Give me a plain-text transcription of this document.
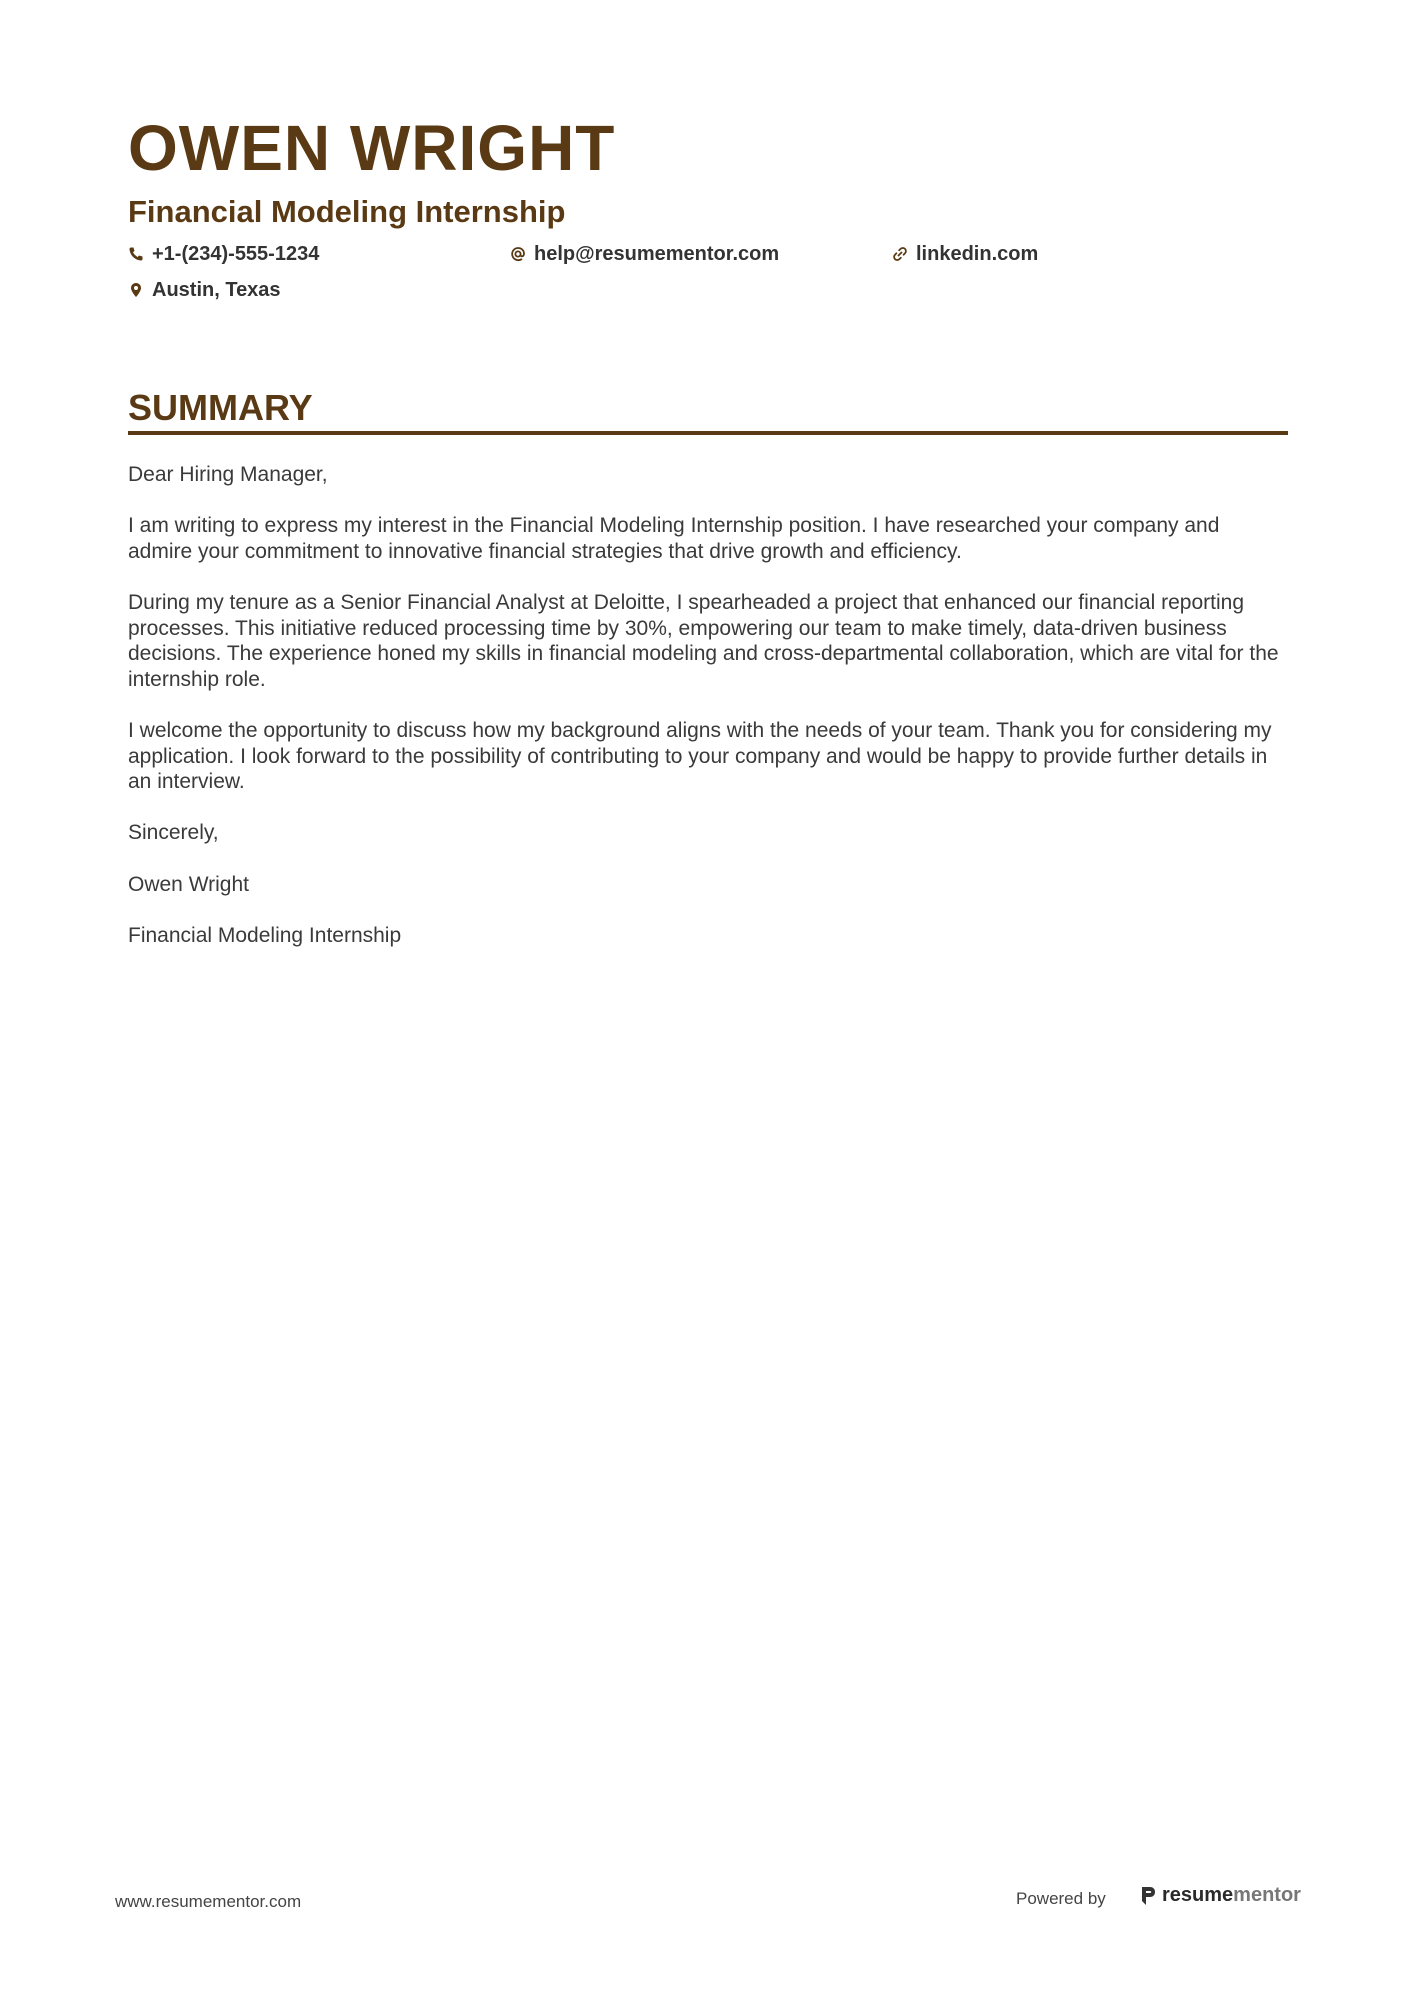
OWEN WRIGHT
Financial Modeling Internship
+1-(234)-555-1234	help@resumementor.com	linkedin.com
Austin, Texas
SUMMARY

Dear Hiring Manager,

I am writing to express my interest in the Financial Modeling Internship position. I have researched your company and admire your commitment to innovative financial strategies that drive growth and efficiency.

During my tenure as a Senior Financial Analyst at Deloitte, I spearheaded a project that enhanced our financial reporting processes. This initiative reduced processing time by 30%, empowering our team to make timely, data-driven business decisions. The experience honed my skills in financial modeling and cross-departmental collaboration, which are vital for the internship role.

I welcome the opportunity to discuss how my background aligns with the needs of your team. Thank you for considering my application. I look forward to the possibility of contributing to your company and would be happy to provide further details in an interview.

Sincerely,

Owen Wright

Financial Modeling Internship

www.resumementor.com	Powered by	resume mentor
